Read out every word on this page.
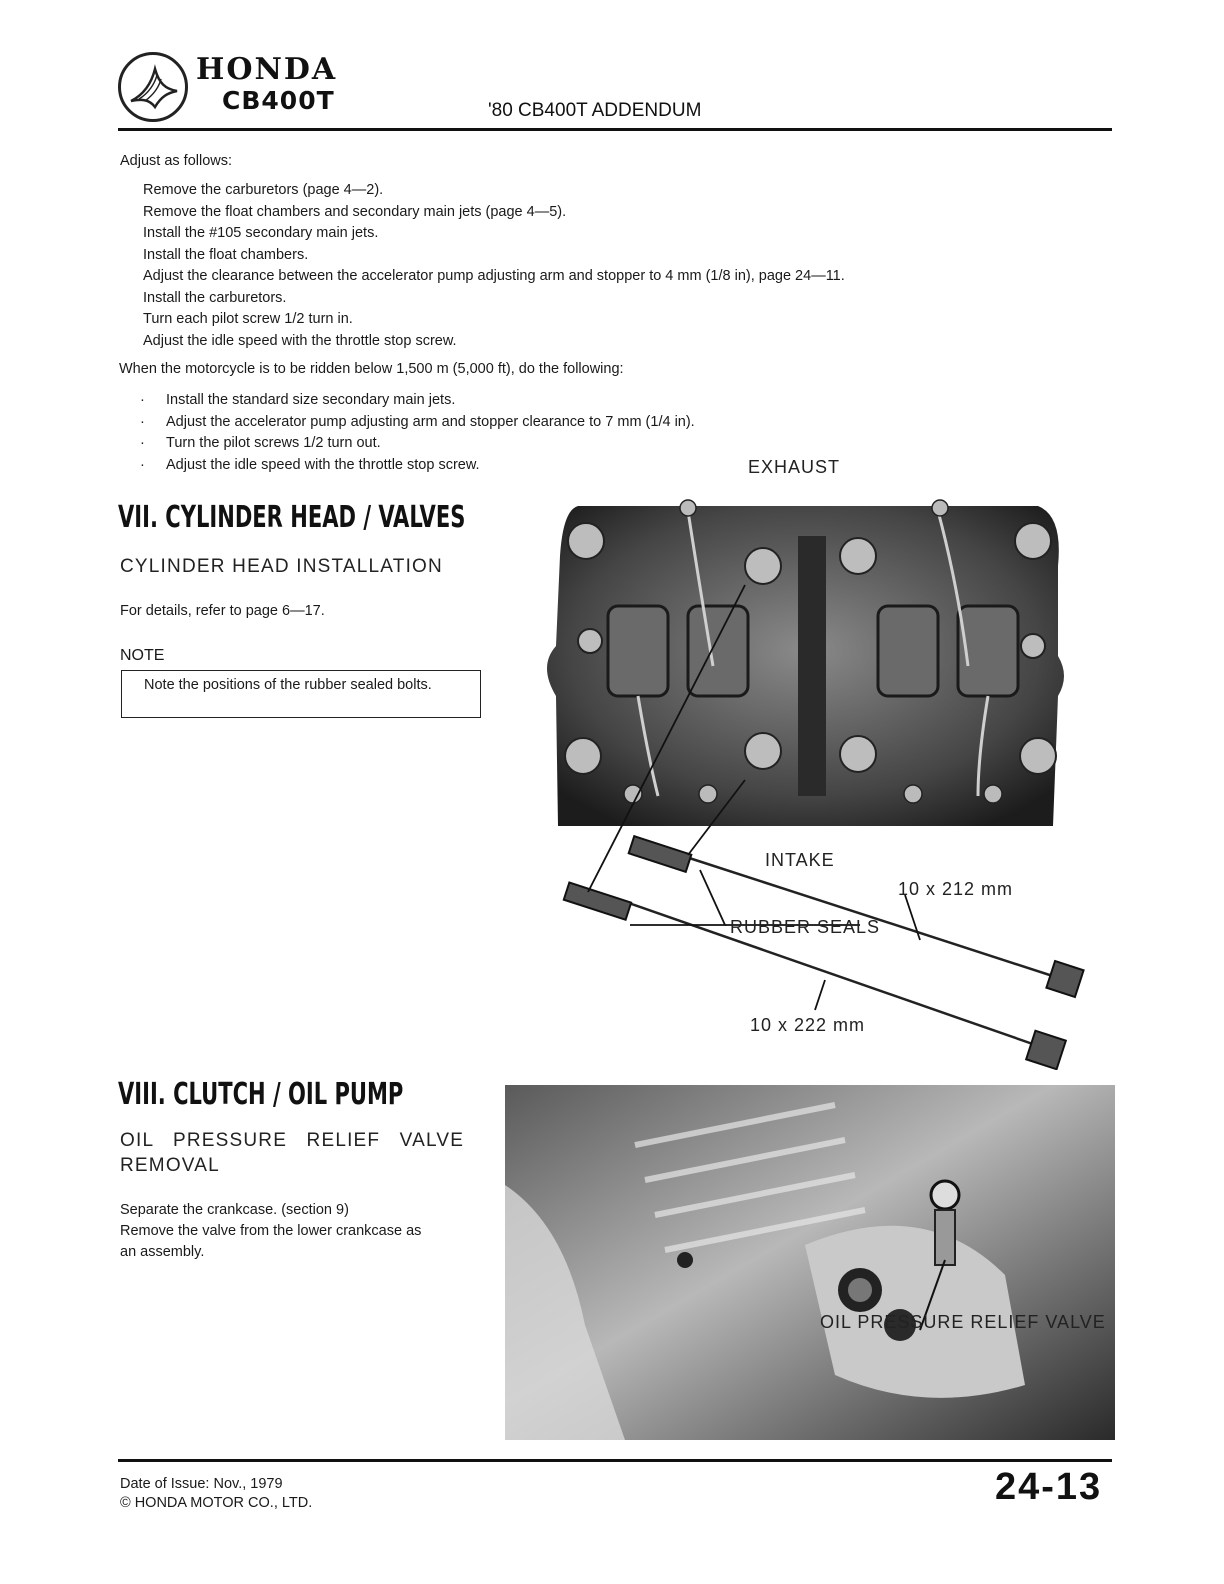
HONDA
CB400T	'80 CB400T ADDENDUM
Adjust as follows:
Remove the carburetors (page 4—2).
Remove the float chambers and secondary main jets (page 4—5).
Install the #105 secondary main jets.
Install the float chambers.
Adjust the clearance between the accelerator pump adjusting arm and stopper to 4 mm (1/8 in), page 24—11.
Install the carburetors.
Turn each pilot screw 1/2 turn in.
Adjust the idle speed with the throttle stop screw.
When the motorcycle is to be ridden below 1,500 m (5,000 ft), do the following:
· Install the standard size secondary main jets.
· Adjust the accelerator pump adjusting arm and stopper clearance to 7 mm (1/4 in).
· Turn the pilot screws 1/2 turn out.
· Adjust the idle speed with the throttle stop screw.
VII. CYLINDER HEAD / VALVES
CYLINDER HEAD INSTALLATION
For details, refer to page 6—17.
NOTE
Note the positions of the rubber sealed bolts.
EXHAUST
INTAKE
10 x 212 mm
RUBBER SEALS
10 x 222 mm
VIII. CLUTCH / OIL PUMP
OIL   PRESSURE   RELIEF   VALVE
REMOVAL
Separate the crankcase. (section 9)
Remove the valve from the lower crankcase as
an assembly.
OIL PRESSURE RELIEF VALVE
Date of Issue: Nov., 1979
© HONDA MOTOR CO., LTD.	24-13
